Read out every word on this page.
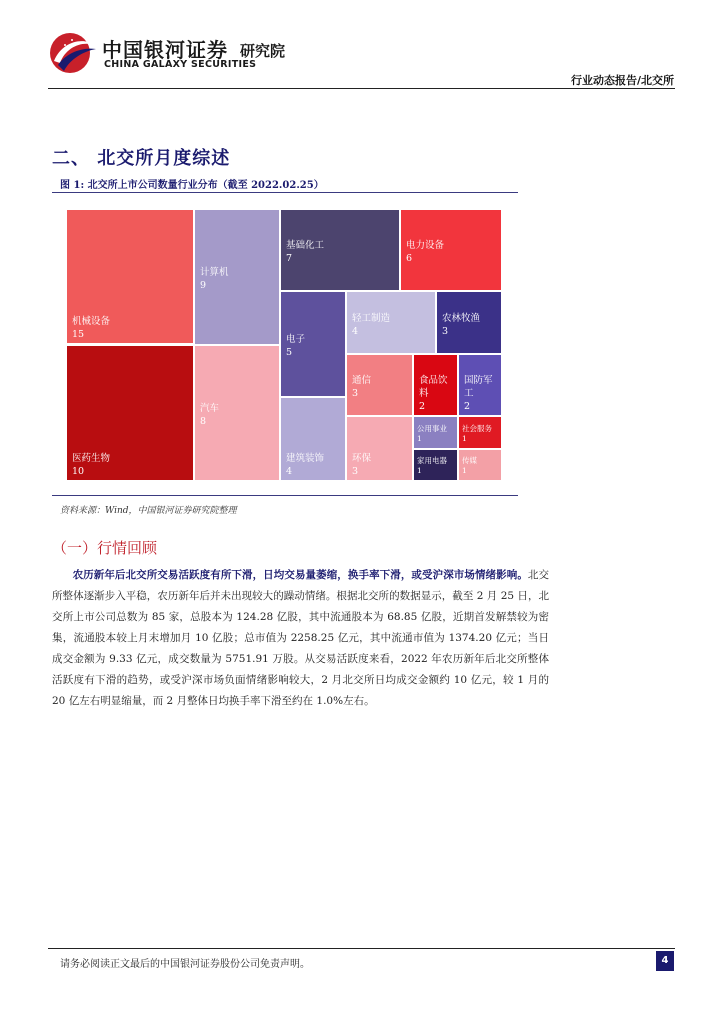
中国银河证券
CHINA GALAXY SECURITIES
研究院
行业动态报告/北交所
二、 北交所月度综述
图 1: 北交所上市公司数量行业分布（截至 2022.02.25）
机械设备
15
医药生物
10
计算机
9
汽车
8
基础化工
7
电力设备
6
电子
5
建筑装饰
4
轻工制造
4
农林牧渔
3
通信
3
环保
3
食品饮料
2
国防军工
2
公用事业
1
社会服务
1
家用电器
1
传媒
1
资料来源：Wind，中国银河证券研究院整理
（一）行情回顾
农历新年后北交所交易活跃度有所下滑，日均交易量萎缩，换手率下滑，或受沪深市场情绪影响。北交所整体逐渐步入平稳，农历新年后并未出现较大的躁动情绪。根据北交所的数据显示，截至 2 月 25 日，北交所上市公司总数为 85 家，总股本为 124.28 亿股，其中流通股本为 68.85 亿股，近期首发解禁较为密集，流通股本较上月末增加月 10 亿股；总市值为 2258.25 亿元，其中流通市值为 1374.20 亿元；当日成交金额为 9.33 亿元，成交数量为 5751.91 万股。从交易活跃度来看，2022 年农历新年后北交所整体活跃度有下滑的趋势，或受沪深市场负面情绪影响较大，2 月北交所日均成交金额约 10 亿元，较 1 月的 20 亿左右明显缩量，而 2 月整体日均换手率下滑至约在 1.0%左右。
请务必阅读正文最后的中国银河证券股份公司免责声明。	4
